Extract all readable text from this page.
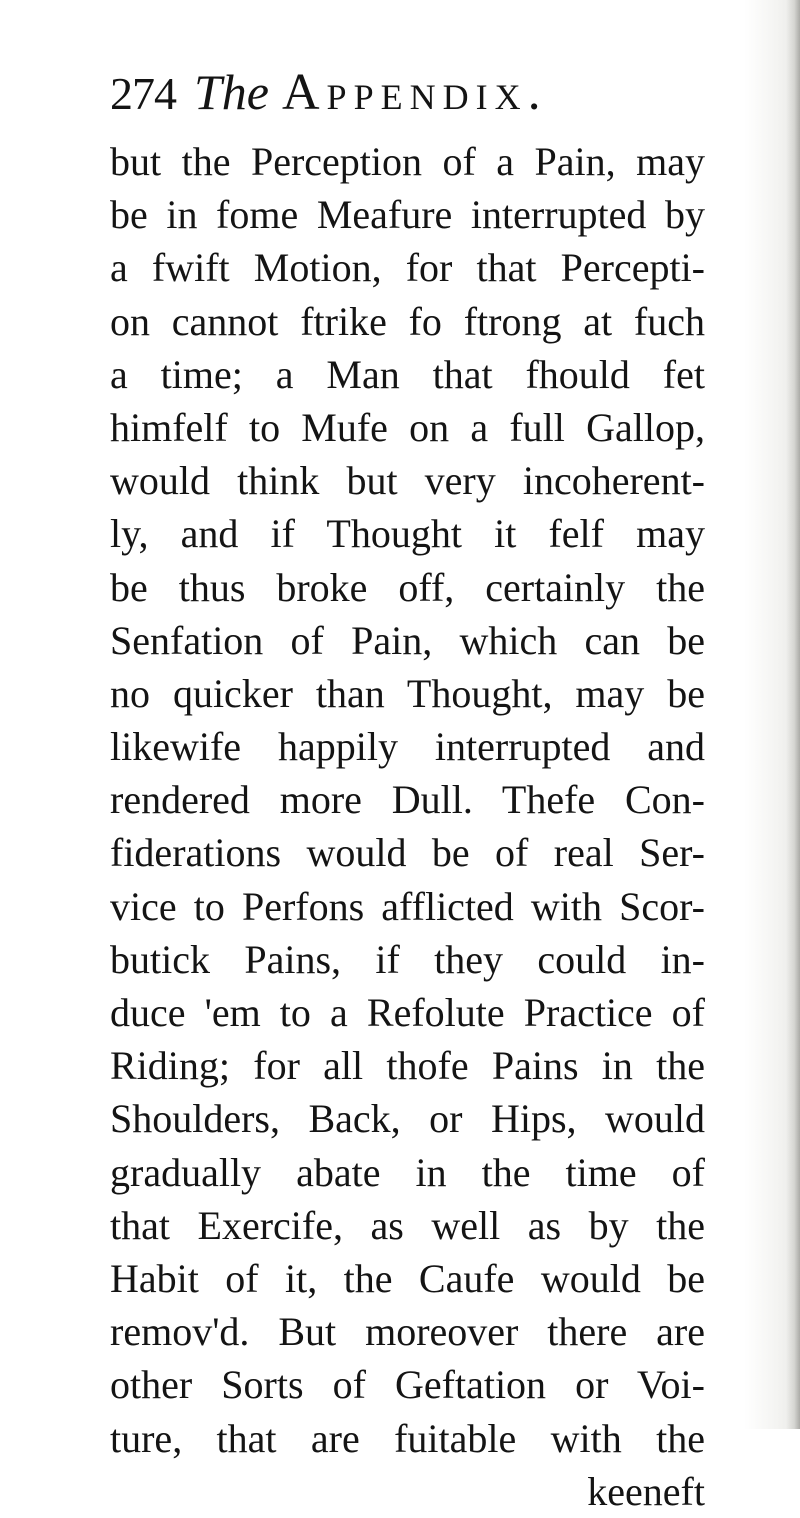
274 The Appendix.
but the Perception of a Pain, may
be in fome Meafure interrupted by
a fwift Motion, for that Percepti-
on cannot ftrike fo ftrong at fuch
a time; a Man that fhould fet
himfelf to Mufe on a full Gallop,
would think but very incoherent-
ly, and if Thought it felf may
be thus broke off, certainly the
Senfation of Pain, which can be
no quicker than Thought, may be
likewife happily interrupted and
rendered more Dull. Thefe Con-
fiderations would be of real Ser-
vice to Perfons afflicted with Scor-
butick Pains, if they could in-
duce 'em to a Refolute Practice of
Riding; for all thofe Pains in the
Shoulders, Back, or Hips, would
gradually abate in the time of
that Exercife, as well as by the
Habit of it, the Caufe would be
remov'd. But moreover there are
other Sorts of Geftation or Voi-
ture, that are fuitable with the
keeneft
